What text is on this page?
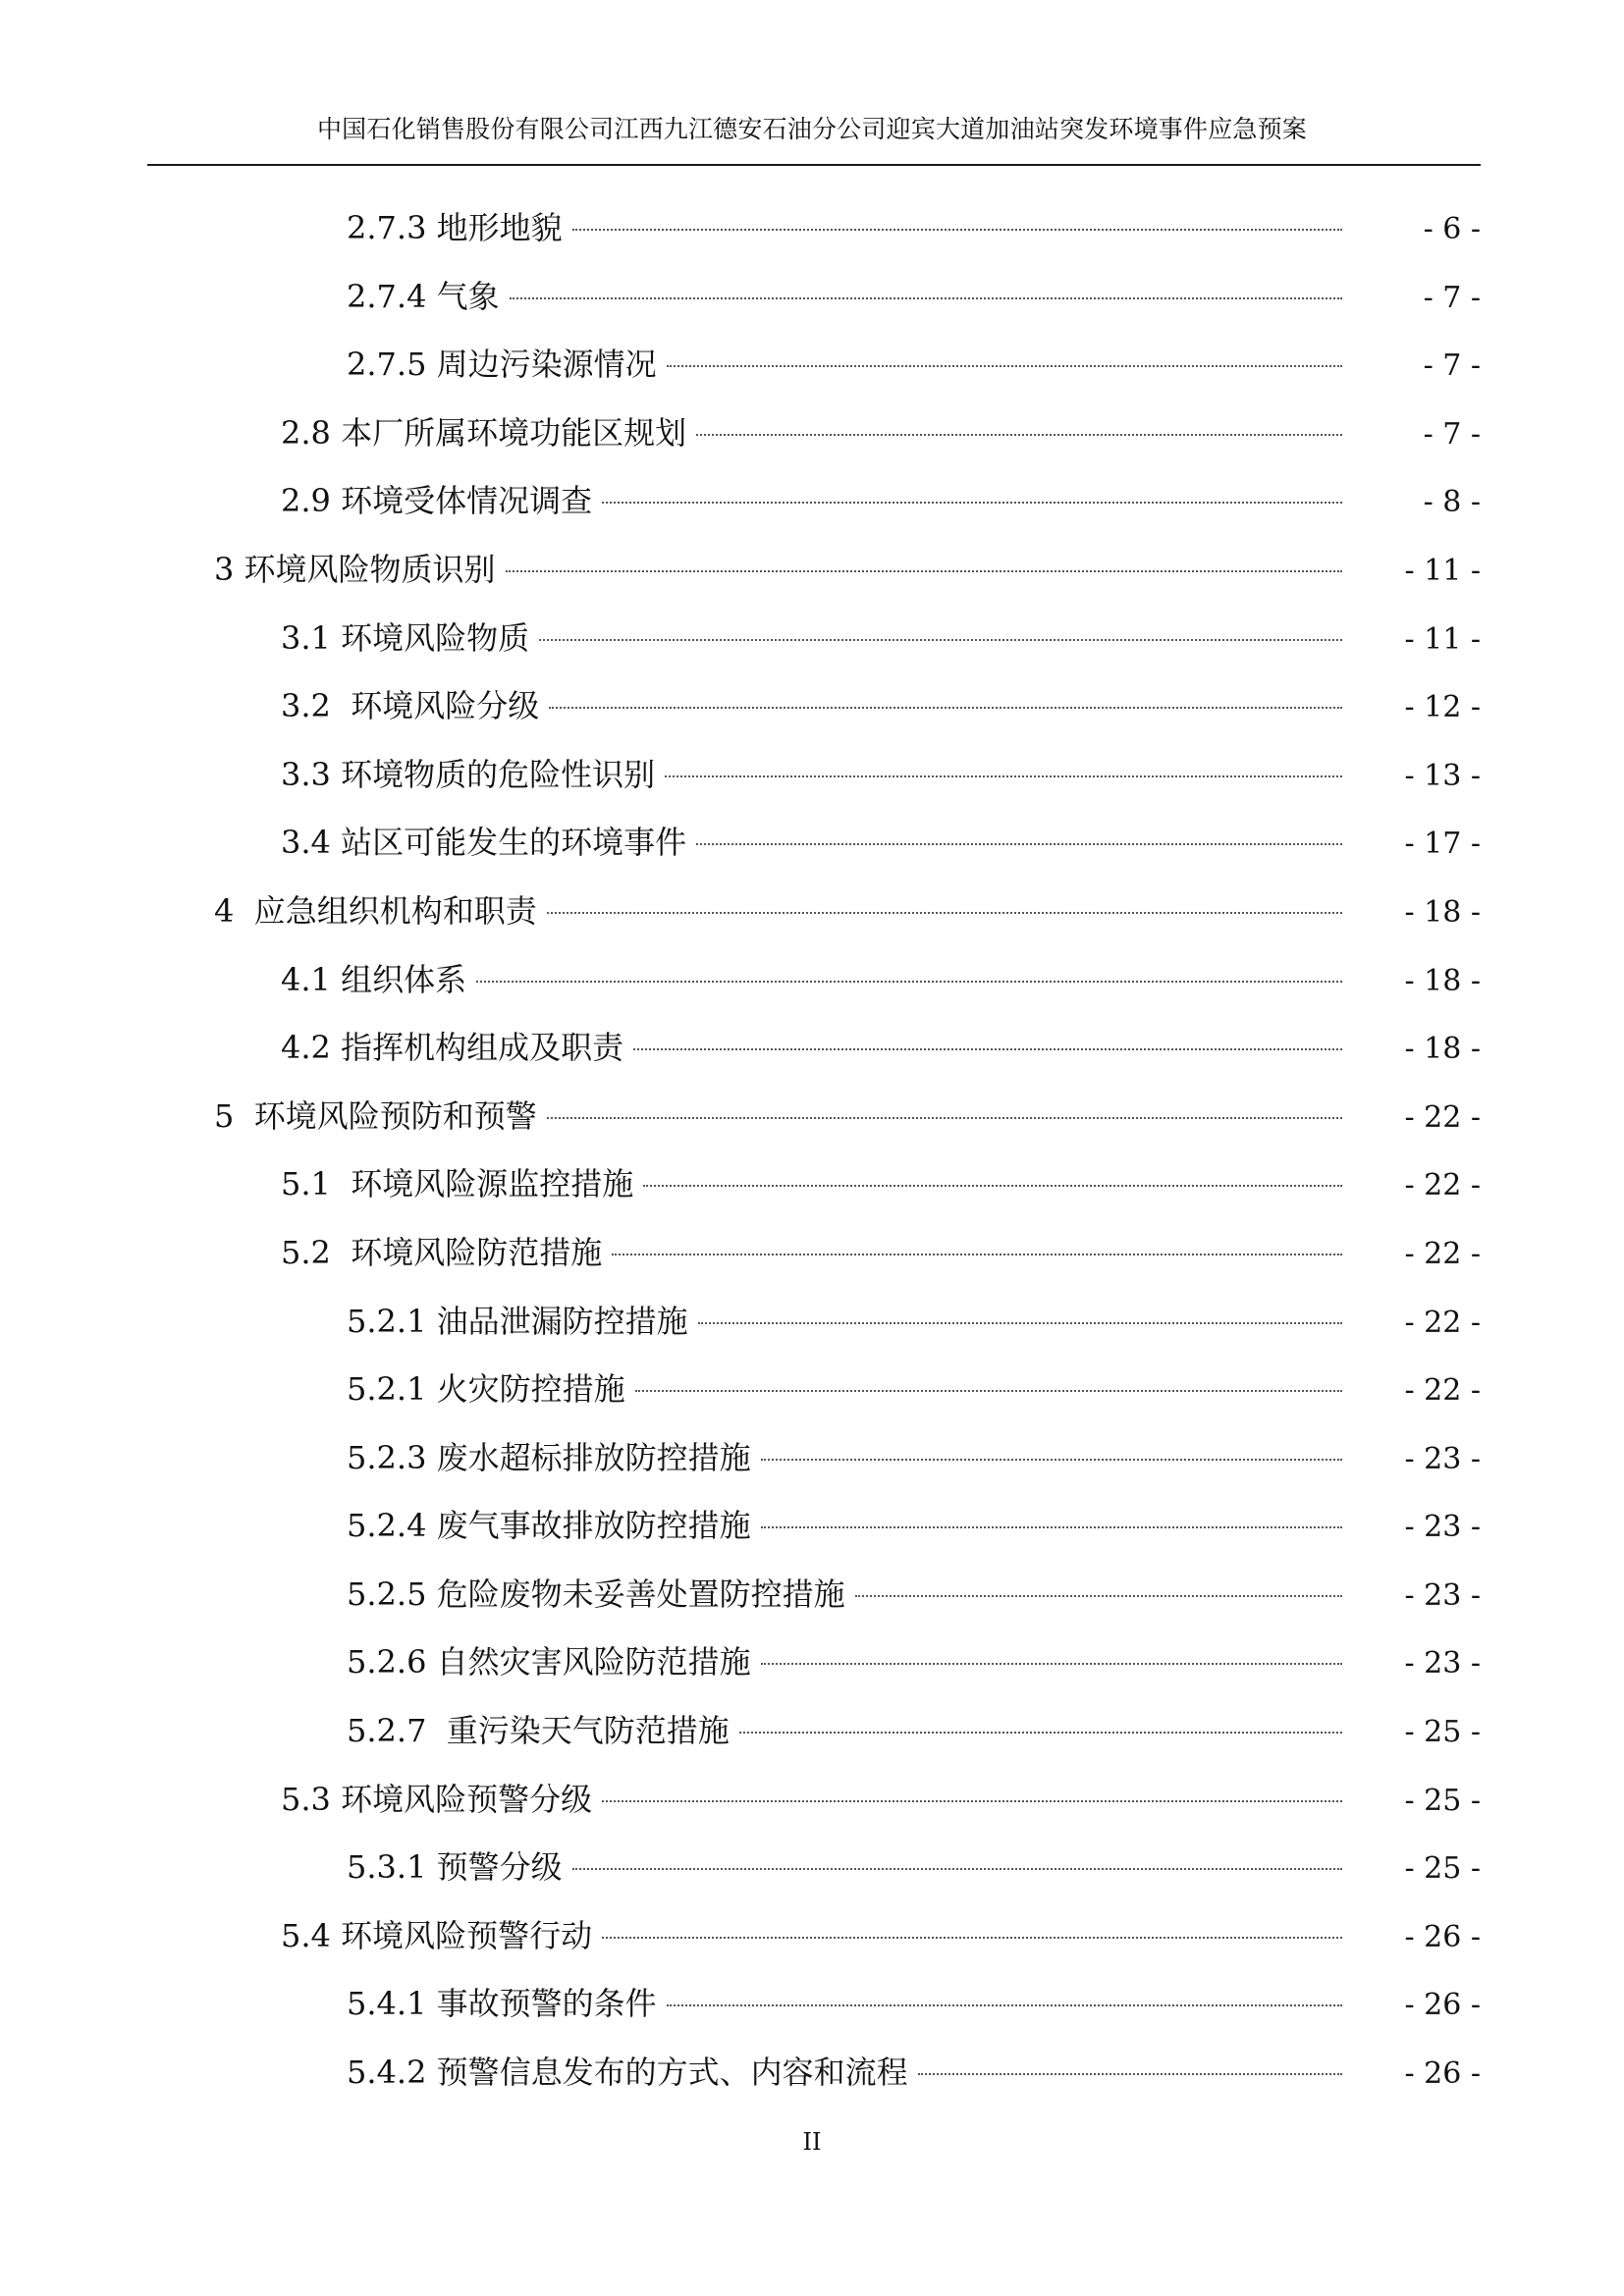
中国石化销售股份有限公司江西九江德安石油分公司迎宾大道加油站突发环境事件应急预案
2.7.3 地形地貌	- 6 -
2.7.4 气象	- 7 -
2.7.5 周边污染源情况	- 7 -
2.8 本厂所属环境功能区规划	- 7 -
2.9 环境受体情况调查	- 8 -
3 环境风险物质识别	- 11 -
3.1 环境风险物质	- 11 -
3.2  环境风险分级	- 12 -
3.3 环境物质的危险性识别	- 13 -
3.4 站区可能发生的环境事件	- 17 -
4  应急组织机构和职责	- 18 -
4.1 组织体系	- 18 -
4.2 指挥机构组成及职责	- 18 -
5  环境风险预防和预警	- 22 -
5.1  环境风险源监控措施	- 22 -
5.2  环境风险防范措施	- 22 -
5.2.1 油品泄漏防控措施	- 22 -
5.2.1 火灾防控措施	- 22 -
5.2.3 废水超标排放防控措施	- 23 -
5.2.4 废气事故排放防控措施	- 23 -
5.2.5 危险废物未妥善处置防控措施	- 23 -
5.2.6 自然灾害风险防范措施	- 23 -
5.2.7  重污染天气防范措施	- 25 -
5.3 环境风险预警分级	- 25 -
5.3.1 预警分级	- 25 -
5.4 环境风险预警行动	- 26 -
5.4.1 事故预警的条件	- 26 -
5.4.2 预警信息发布的方式、内容和流程	- 26 -
II
